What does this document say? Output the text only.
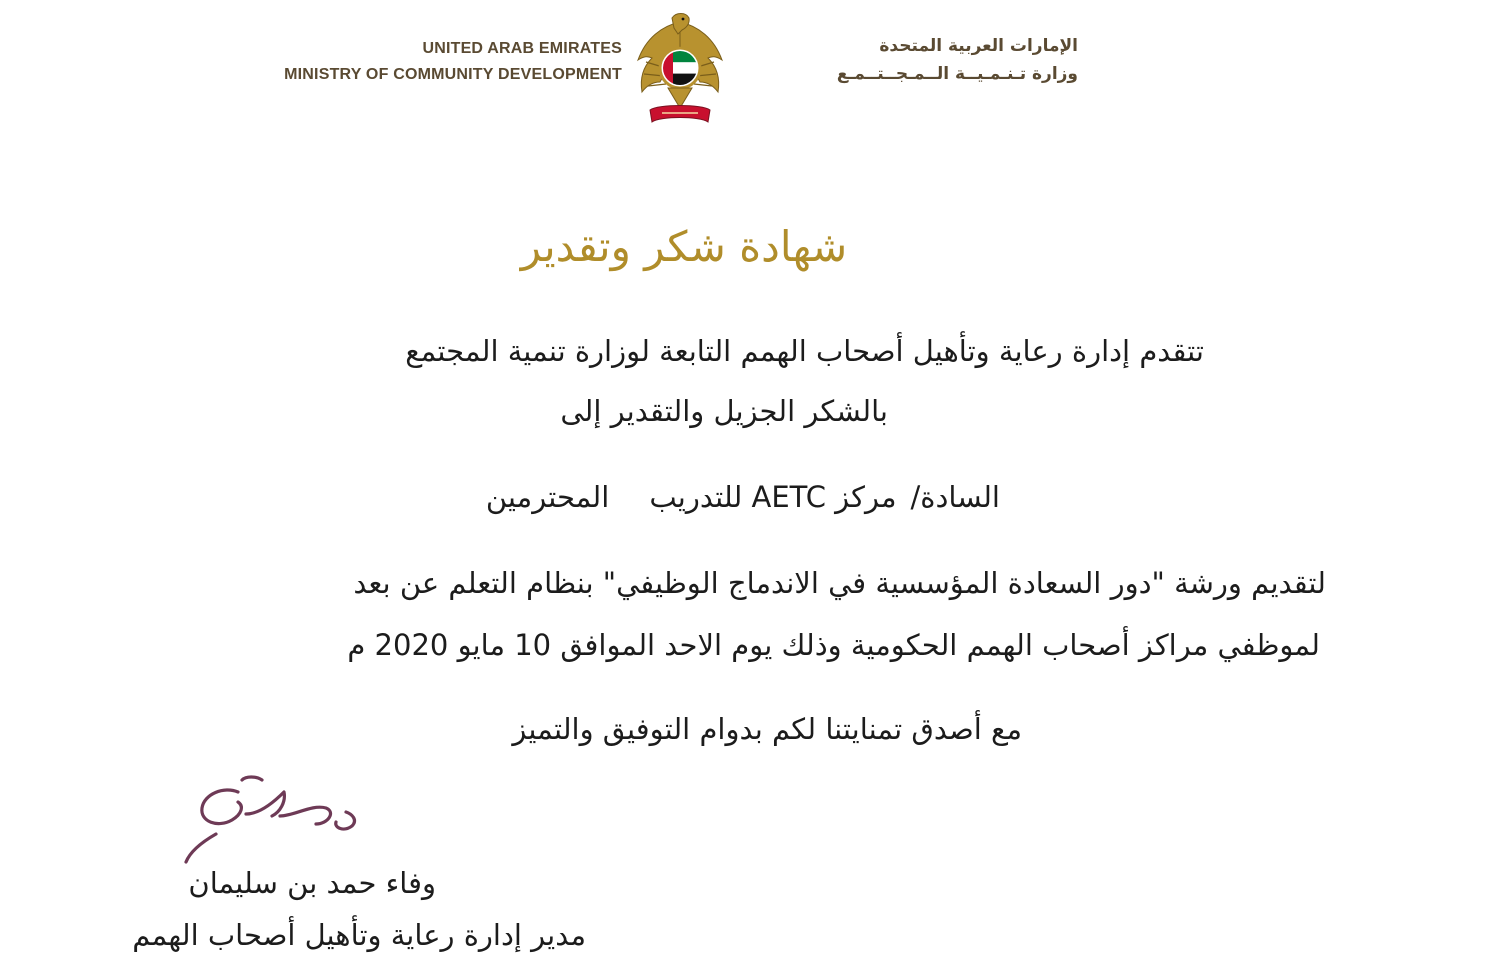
UNITED ARAB EMIRATES
MINISTRY OF COMMUNITY DEVELOPMENT
الإمارات العربية المتحدة
وزارة تـنـمـيــة الــمـجــتــمـع
شهادة شكر وتقدير
تتقدم إدارة رعاية وتأهيل أصحاب الهمم التابعة لوزارة تنمية المجتمع
بالشكر الجزيل والتقدير إلى
السادة/مركز AETC للتدريبالمحترمين
لتقديم ورشة "دور السعادة المؤسسية في الاندماج الوظيفي" بنظام التعلم عن بعد
لموظفي مراكز أصحاب الهمم الحكومية وذلك يوم الاحد الموافق 10 مايو 2020 م
مع أصدق تمنايتنا لكم بدوام التوفيق والتميز
وفاء حمد بن سليمان
مدير إدارة رعاية وتأهيل أصحاب الهمم
